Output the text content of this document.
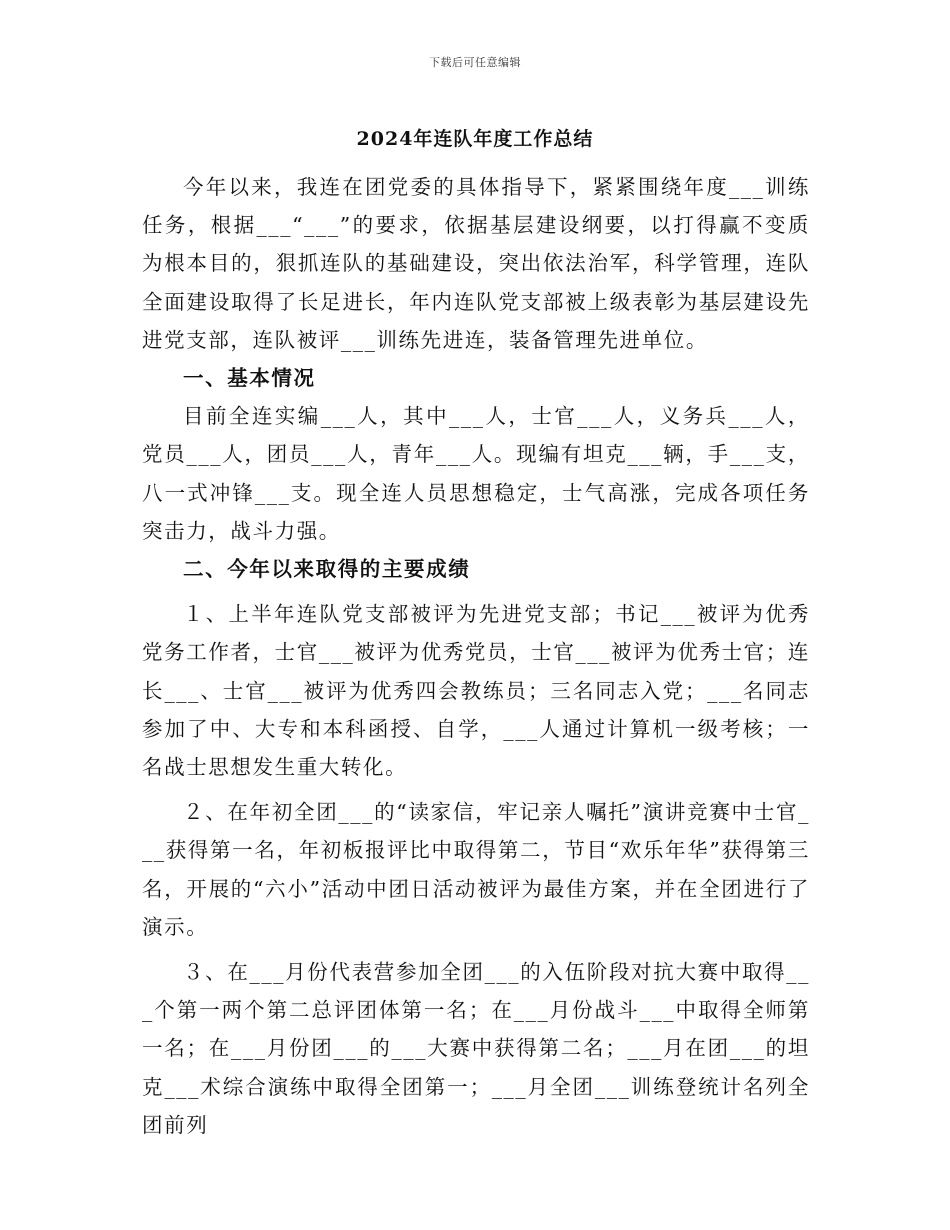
下载后可任意编辑
2024年连队年度工作总结

今年以来，我连在团党委的具体指导下，紧紧围绕年度___训练任务，根据___“___”的要求，依据基层建设纲要，以打得赢不变质为根本目的，狠抓连队的基础建设，突出依法治军，科学管理，连队全面建设取得了长足进长，年内连队党支部被上级表彰为基层建设先进党支部，连队被评___训练先进连，装备管理先进单位。

一、基本情况

目前全连实编___人，其中___人，士官___人，义务兵___人，党员___人，团员___人，青年___人。现编有坦克___辆，手___支，八一式冲锋___支。现全连人员思想稳定，士气高涨，完成各项任务突击力，战斗力强。

二、今年以来取得的主要成绩

１、上半年连队党支部被评为先进党支部；书记___被评为优秀党务工作者，士官___被评为优秀党员，士官___被评为优秀士官；连长___、士官___被评为优秀四会教练员；三名同志入党；___名同志参加了中、大专和本科函授、自学，___人通过计算机一级考核；一名战士思想发生重大转化。

２、在年初全团___的“读家信，牢记亲人嘱托”演讲竞赛中士官___获得第一名，年初板报评比中取得第二，节目“欢乐年华”获得第三名，开展的“六小”活动中团日活动被评为最佳方案，并在全团进行了演示。

３、在___月份代表营参加全团___的入伍阶段对抗大赛中取得___个第一两个第二总评团体第一名；在___月份战斗___中取得全师第一名；在___月份团___的___大赛中获得第二名；___月在团___的坦克___术综合演练中取得全团第一；___月全团___训练登统计名列全团前列
